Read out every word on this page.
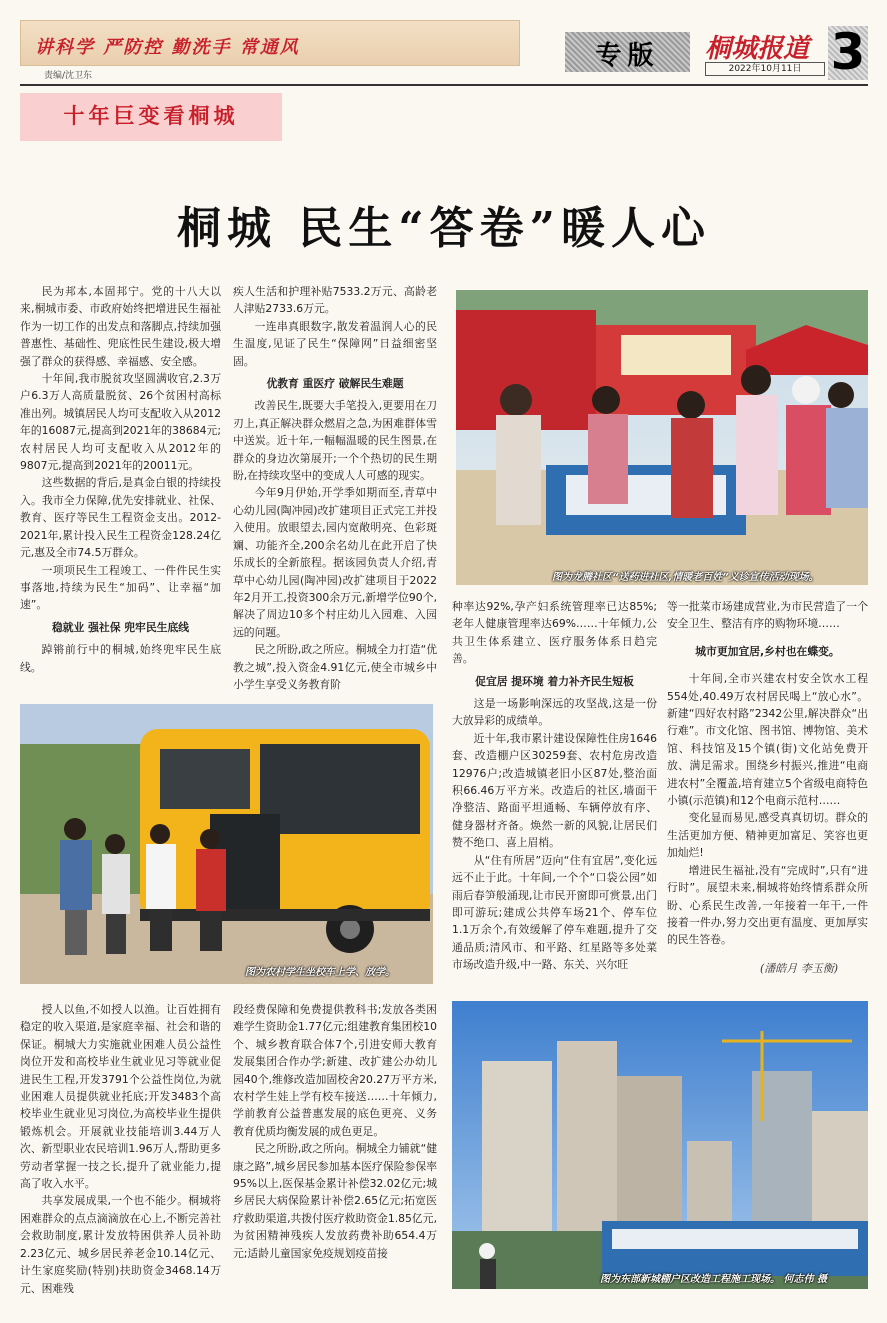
讲科学 严防控 勤洗手 常通风
责编/沈卫东
专版	桐城报道
2022年10月11日 3
十年巨变看桐城
桐城 民生“答卷”暖人心

民为邦本,本固邦宁。党的十八大以来,桐城市委、市政府始终把增进民生福祉作为一切工作的出发点和落脚点,持续加强普惠性、基础性、兜底性民生建设,极大增强了群众的获得感、幸福感、安全感。

十年间,我市脱贫攻坚圆满收官,2.3万户6.3万人高质量脱贫、26个贫困村高标准出列。城镇居民人均可支配收入从2012年的16087元,提高到2021年的38684元;农村居民人均可支配收入从2012年的9807元,提高到2021年的20011元。

这些数据的背后,是真金白银的持续投入。我市全力保障,优先安排就业、社保、教育、医疗等民生工程资金支出。2012-2021年,累计投入民生工程资金128.24亿元,惠及全市74.5万群众。

一项项民生工程竣工、一件件民生实事落地,持续为民生“加码”、让幸福“加速”。

稳就业 强社保 兜牢民生底线

踔锵前行中的桐城,始终兜牢民生底线。

疾人生活和护理补贴7533.2万元、高龄老人津贴2733.6万元。

一连串真眼数字,散发着温润人心的民生温度,见证了民生“保障网”日益细密坚固。

优教育 重医疗 破解民生难题

改善民生,既要大手笔投入,更要用在刀刃上,真正解决群众燃眉之急,为困难群体雪中送炭。近十年,一幅幅温暖的民生图景,在群众的身边次第展开;一个个热切的民生期盼,在持续攻坚中的变成人人可感的现实。

今年9月伊始,开学季如期而至,青草中心幼儿园(陶冲园)改扩建项目正式完工并投入使用。放眼望去,园内宽敞明亮、色彩斑斓、功能齐全,200余名幼儿在此开启了快乐成长的全新旅程。据该园负责人介绍,青草中心幼儿园(陶冲园)改扩建项目于2022年2月开工,投资300余万元,新增学位90个,解决了周边10多个村庄幼儿入园难、入园远的问题。

民之所盼,政之所应。桐城全力打造“优教之城”,投入资金4.91亿元,使全市城乡中小学生享受义务教育阶

图为龙腾社区“送药进社区,情暖老百姓”义诊宣传活动现场。

种率达92%,孕产妇系统管理率已达85%;老年人健康管理率达69%……十年倾力,公共卫生体系建立、医疗服务体系日趋完善。

促宜居 提环境 着力补齐民生短板

这是一场影响深远的攻坚战,这是一份大放异彩的成绩单。

近十年,我市累计建设保障性住房1646套、改造棚户区30259套、农村危房改造12976户;改造城镇老旧小区87处,整治面积66.46万平方米。改造后的社区,墙面干净整洁、路面平坦通畅、车辆停放有序、健身器材齐备。焕然一新的风貌,让居民们赞不绝口、喜上眉梢。

从“住有所居”迈向“住有宜居”,变化远远不止于此。十年间,一个个“口袋公园”如雨后春笋般涌现,让市民开窗即可赏景,出门即可游玩;建成公共停车场21个、停车位1.1万余个,有效缓解了停车难题,提升了交通品质;清风市、和平路、红星路等多处菜市场改造升级,中一路、东关、兴尔旺

等一批菜市场建成营业,为市民营造了一个安全卫生、整洁有序的购物环境……

城市更加宜居,乡村也在蝶变。

十年间,全市兴建农村安全饮水工程554处,40.49万农村居民喝上“放心水”。新建“四好农村路”2342公里,解决群众“出行难”。市文化馆、图书馆、博物馆、美术馆、科技馆及15个镇(街)文化站免费开放、满足需求。围绕乡村振兴,推进“电商进农村”全覆盖,培育建立5个省级电商特色小镇(示范镇)和12个电商示范村……

变化显而易见,感受真真切切。群众的生活更加方便、精神更加富足、笑容也更加灿烂!

增进民生福祉,没有“完成时”,只有“进行时”。展望未来,桐城将始终情系群众所盼、心系民生改善,一年接着一年干,一件接着一件办,努力交出更有温度、更加厚实的民生答卷。

(潘皓月 李玉衡)
图为农村学生坐校车上学、放学。

授人以鱼,不如授人以渔。让百姓拥有稳定的收入渠道,是家庭幸福、社会和谐的保证。桐城大力实施就业困难人员公益性岗位开发和高校毕业生就业见习等就业促进民生工程,开发3791个公益性岗位,为就业困难人员提供就业托底;开发3483个高校毕业生就业见习岗位,为高校毕业生提供锻炼机会。开展就业技能培训3.44万人次、新型职业农民培训1.96万人,帮助更多劳动者掌握一技之长,提升了就业能力,提高了收入水平。

共享发展成果,一个也不能少。桐城将困难群众的点点滴滴放在心上,不断完善社会救助制度,累计发放特困供养人员补助2.23亿元、城乡居民养老金10.14亿元、计生家庭奖励(特别)扶助资金3468.14万元、困难残

段经费保障和免费提供教科书;发放各类困难学生资助金1.77亿元;组建教育集团校10个、城乡教育联合体7个,引进安师大教育发展集团合作办学;新建、改扩建公办幼儿园40个,维修改造加固校舍20.27万平方米,农村学生娃上学有校车接送……十年倾力,学前教育公益普惠发展的底色更亮、义务教育优质均衡发展的成色更足。

民之所盼,政之所向。桐城全力铺就“健康之路”,城乡居民参加基本医疗保险参保率95%以上,医保基金累计补偿32.02亿元;城乡居民大病保险累计补偿2.65亿元;拓宽医疗救助渠道,共拨付医疗救助资金1.85亿元,为贫困精神残疾人发放药费补助654.4万元;适龄儿童国家免疫规划疫苗接

图为东部新城棚户区改造工程施工现场。 何志伟 摄
